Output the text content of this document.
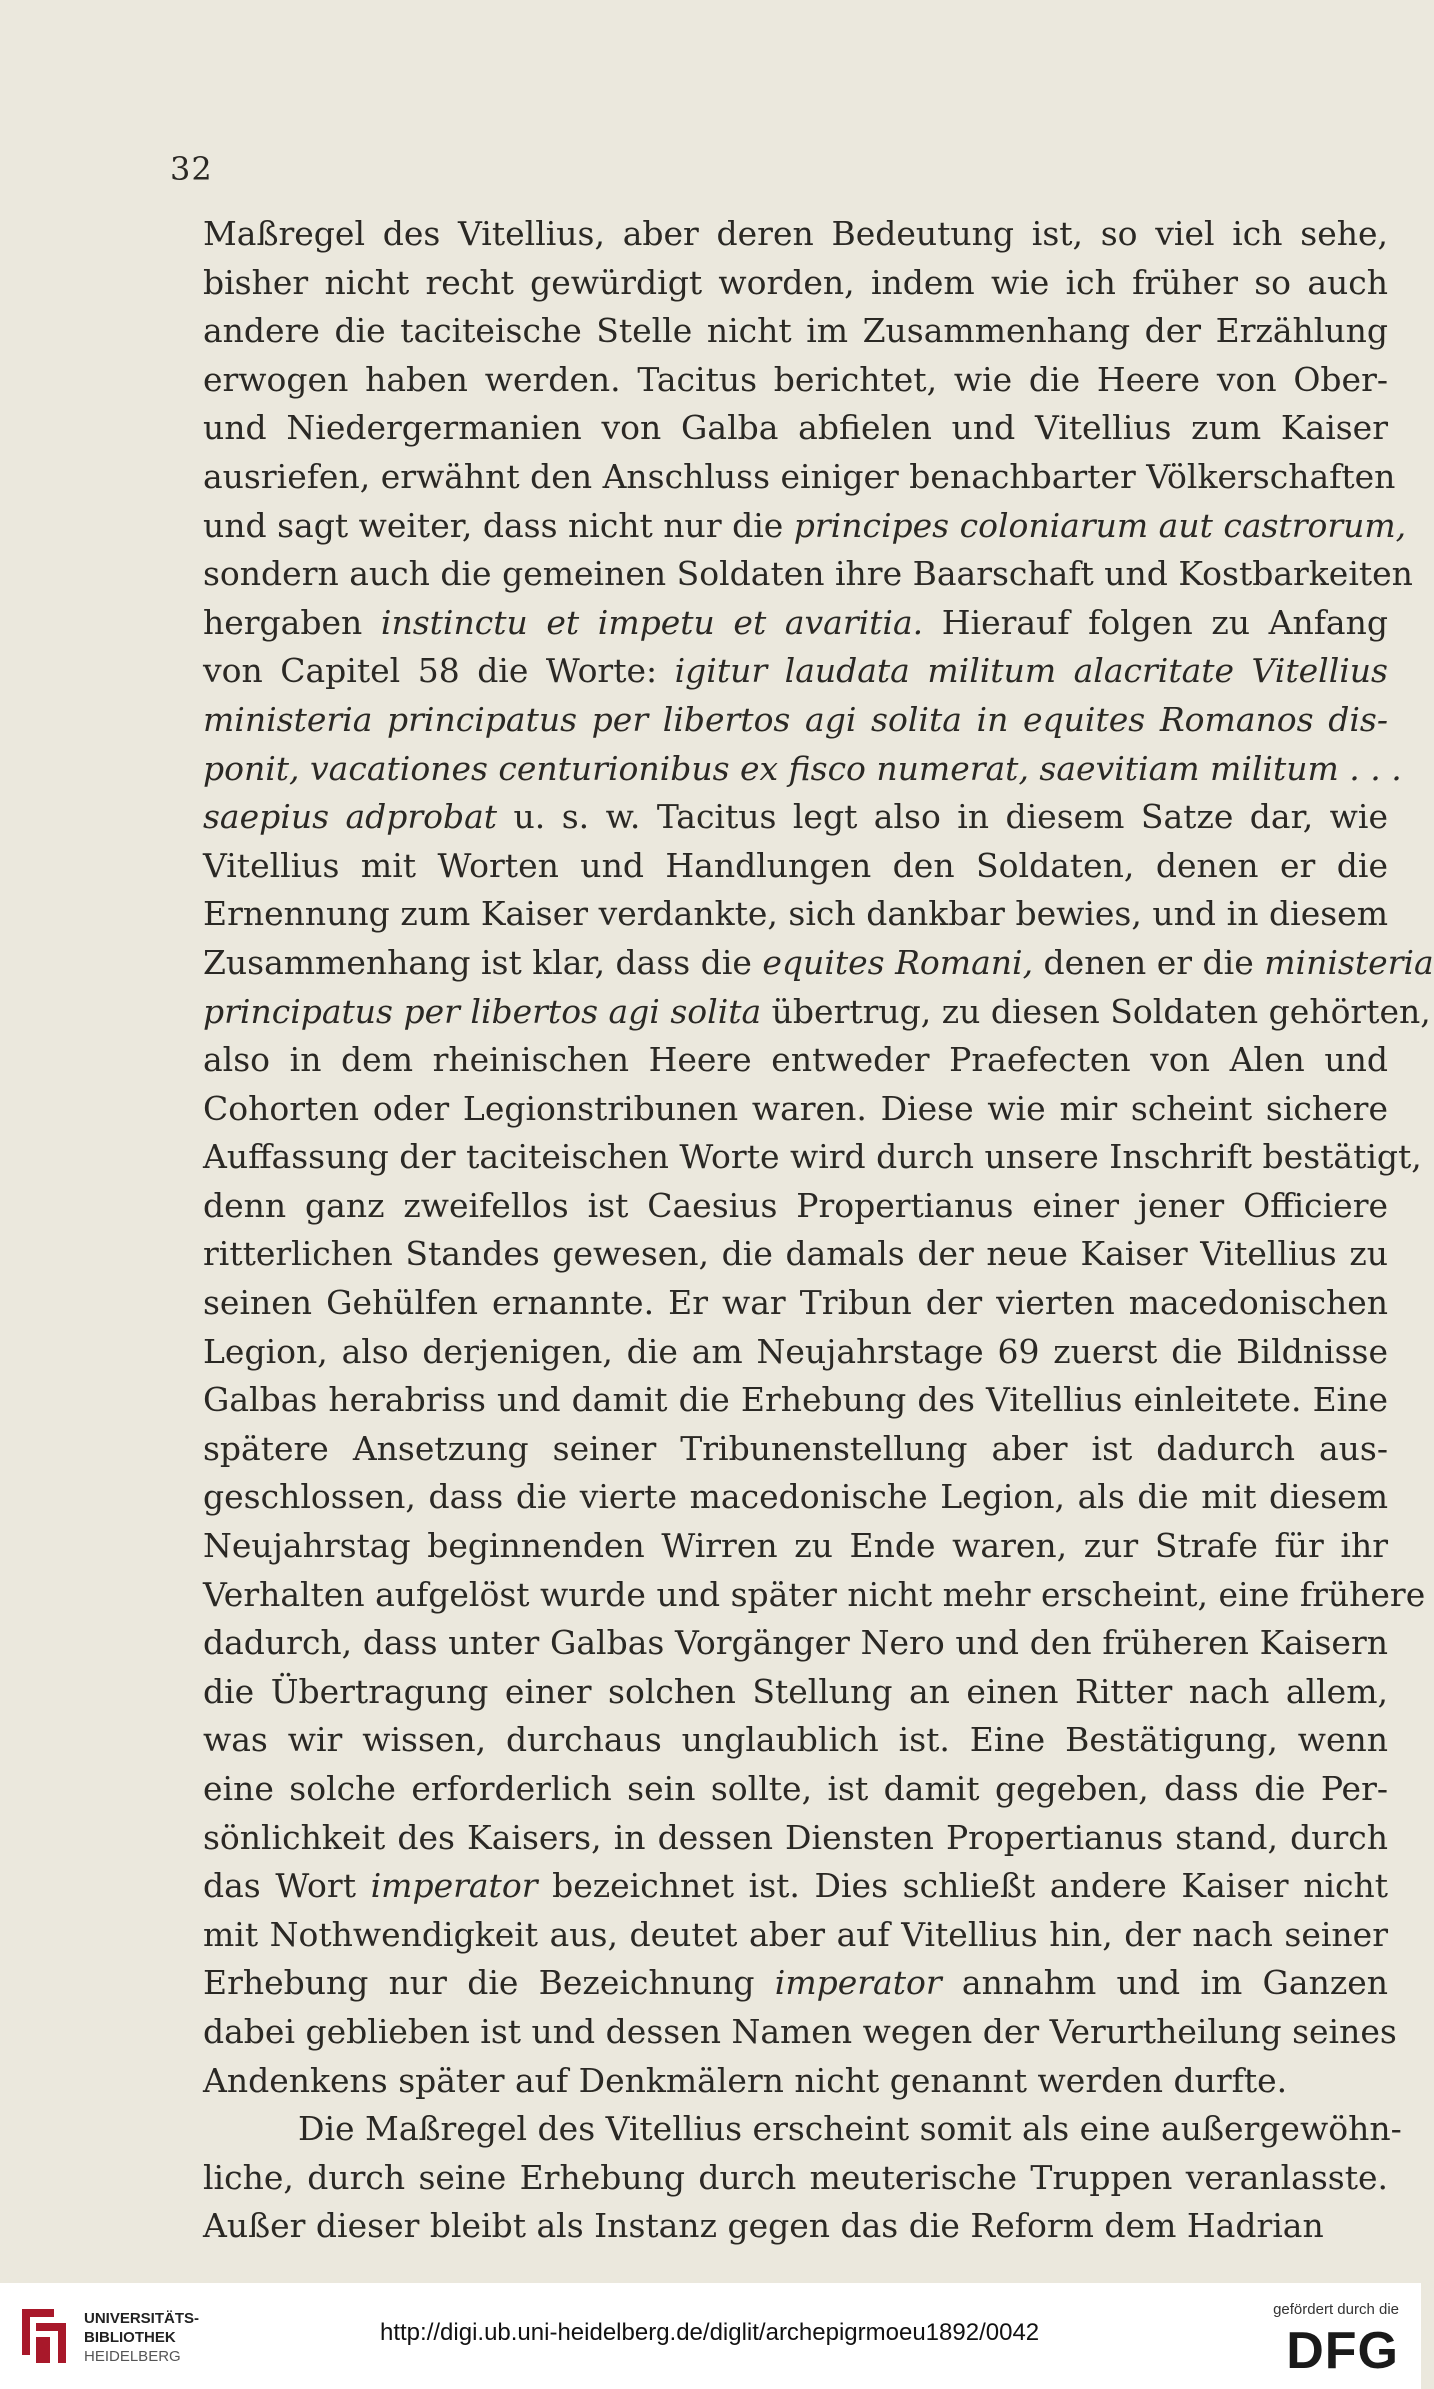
32
Maßregel des Vitellius, aber deren Bedeutung ist, so viel ich sehe,
bisher nicht recht gewürdigt worden, indem wie ich früher so auch
andere die taciteische Stelle nicht im Zusammenhang der Erzählung
erwogen haben werden. Tacitus berichtet, wie die Heere von Ober-
und Niedergermanien von Galba abfielen und Vitellius zum Kaiser
ausriefen, erwähnt den Anschluss einiger benachbarter Völkerschaften
und sagt weiter, dass nicht nur die principes coloniarum aut castrorum,
sondern auch die gemeinen Soldaten ihre Baarschaft und Kostbarkeiten
hergaben instinctu et impetu et avaritia. Hierauf folgen zu Anfang
von Capitel 58 die Worte: igitur laudata militum alacritate Vitellius
ministeria principatus per libertos agi solita in equites Romanos dis-
ponit, vacationes centurionibus ex fisco numerat, saevitiam militum . . .
saepius adprobat u. s. w. Tacitus legt also in diesem Satze dar, wie
Vitellius mit Worten und Handlungen den Soldaten, denen er die
Ernennung zum Kaiser verdankte, sich dankbar bewies, und in diesem
Zusammenhang ist klar, dass die equites Romani, denen er die ministeria
principatus per libertos agi solita übertrug, zu diesen Soldaten gehörten,
also in dem rheinischen Heere entweder Praefecten von Alen und
Cohorten oder Legionstribunen waren. Diese wie mir scheint sichere
Auffassung der taciteischen Worte wird durch unsere Inschrift bestätigt,
denn ganz zweifellos ist Caesius Propertianus einer jener Officiere
ritterlichen Standes gewesen, die damals der neue Kaiser Vitellius zu
seinen Gehülfen ernannte. Er war Tribun der vierten macedonischen
Legion, also derjenigen, die am Neujahrstage 69 zuerst die Bildnisse
Galbas herabriss und damit die Erhebung des Vitellius einleitete. Eine
spätere Ansetzung seiner Tribunenstellung aber ist dadurch aus-
geschlossen, dass die vierte macedonische Legion, als die mit diesem
Neujahrstag beginnenden Wirren zu Ende waren, zur Strafe für ihr
Verhalten aufgelöst wurde und später nicht mehr erscheint, eine frühere
dadurch, dass unter Galbas Vorgänger Nero und den früheren Kaisern
die Übertragung einer solchen Stellung an einen Ritter nach allem,
was wir wissen, durchaus unglaublich ist. Eine Bestätigung, wenn
eine solche erforderlich sein sollte, ist damit gegeben, dass die Per-
sönlichkeit des Kaisers, in dessen Diensten Propertianus stand, durch
das Wort imperator bezeichnet ist. Dies schließt andere Kaiser nicht
mit Nothwendigkeit aus, deutet aber auf Vitellius hin, der nach seiner
Erhebung nur die Bezeichnung imperator annahm und im Ganzen
dabei geblieben ist und dessen Namen wegen der Verurtheilung seines
Andenkens später auf Denkmälern nicht genannt werden durfte.
Die Maßregel des Vitellius erscheint somit als eine außergewöhn-
liche, durch seine Erhebung durch meuterische Truppen veranlasste.
Außer dieser bleibt als Instanz gegen das die Reform dem Hadrian
UNIVERSITÄTS-
BIBLIOTHEK
HEIDELBERG
http://digi.ub.uni-heidelberg.de/diglit/archepigrmoeu1892/0042
gefördert durch die
DFG
